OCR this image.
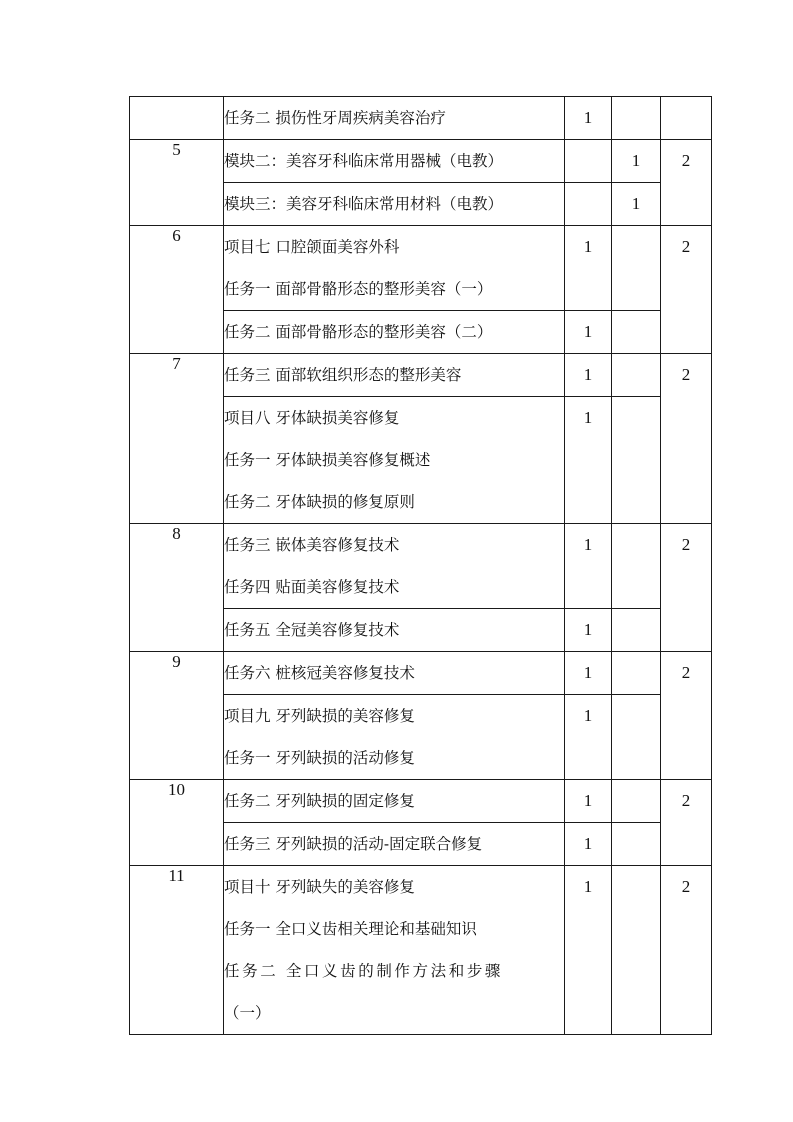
	任务二 损伤性牙周疾病美容治疗	1		

5	模块二：美容牙科临床常用器械（电教）		1	2

	模块三：美容牙科临床常用材料（电教）		1	

6	项目七 口腔颌面美容外科
任务一 面部骨骼形态的整形美容（一）	1		2

	任务二 面部骨骼形态的整形美容（二）	1		

7	任务三 面部软组织形态的整形美容	1		2

	项目八 牙体缺损美容修复
任务一 牙体缺损美容修复概述
任务二 牙体缺损的修复原则	1		

8	任务三 嵌体美容修复技术
任务四 贴面美容修复技术	1		2

	任务五 全冠美容修复技术	1		

9	任务六 桩核冠美容修复技术	1		2

	项目九 牙列缺损的美容修复
任务一 牙列缺损的活动修复	1		

10	任务二 牙列缺损的固定修复	1		2

	任务三 牙列缺损的活动-固定联合修复	1		

11	项目十 牙列缺失的美容修复
任务一 全口义齿相关理论和基础知识
任务二 全口义齿的制作方法和步骤
（一）	1		2
